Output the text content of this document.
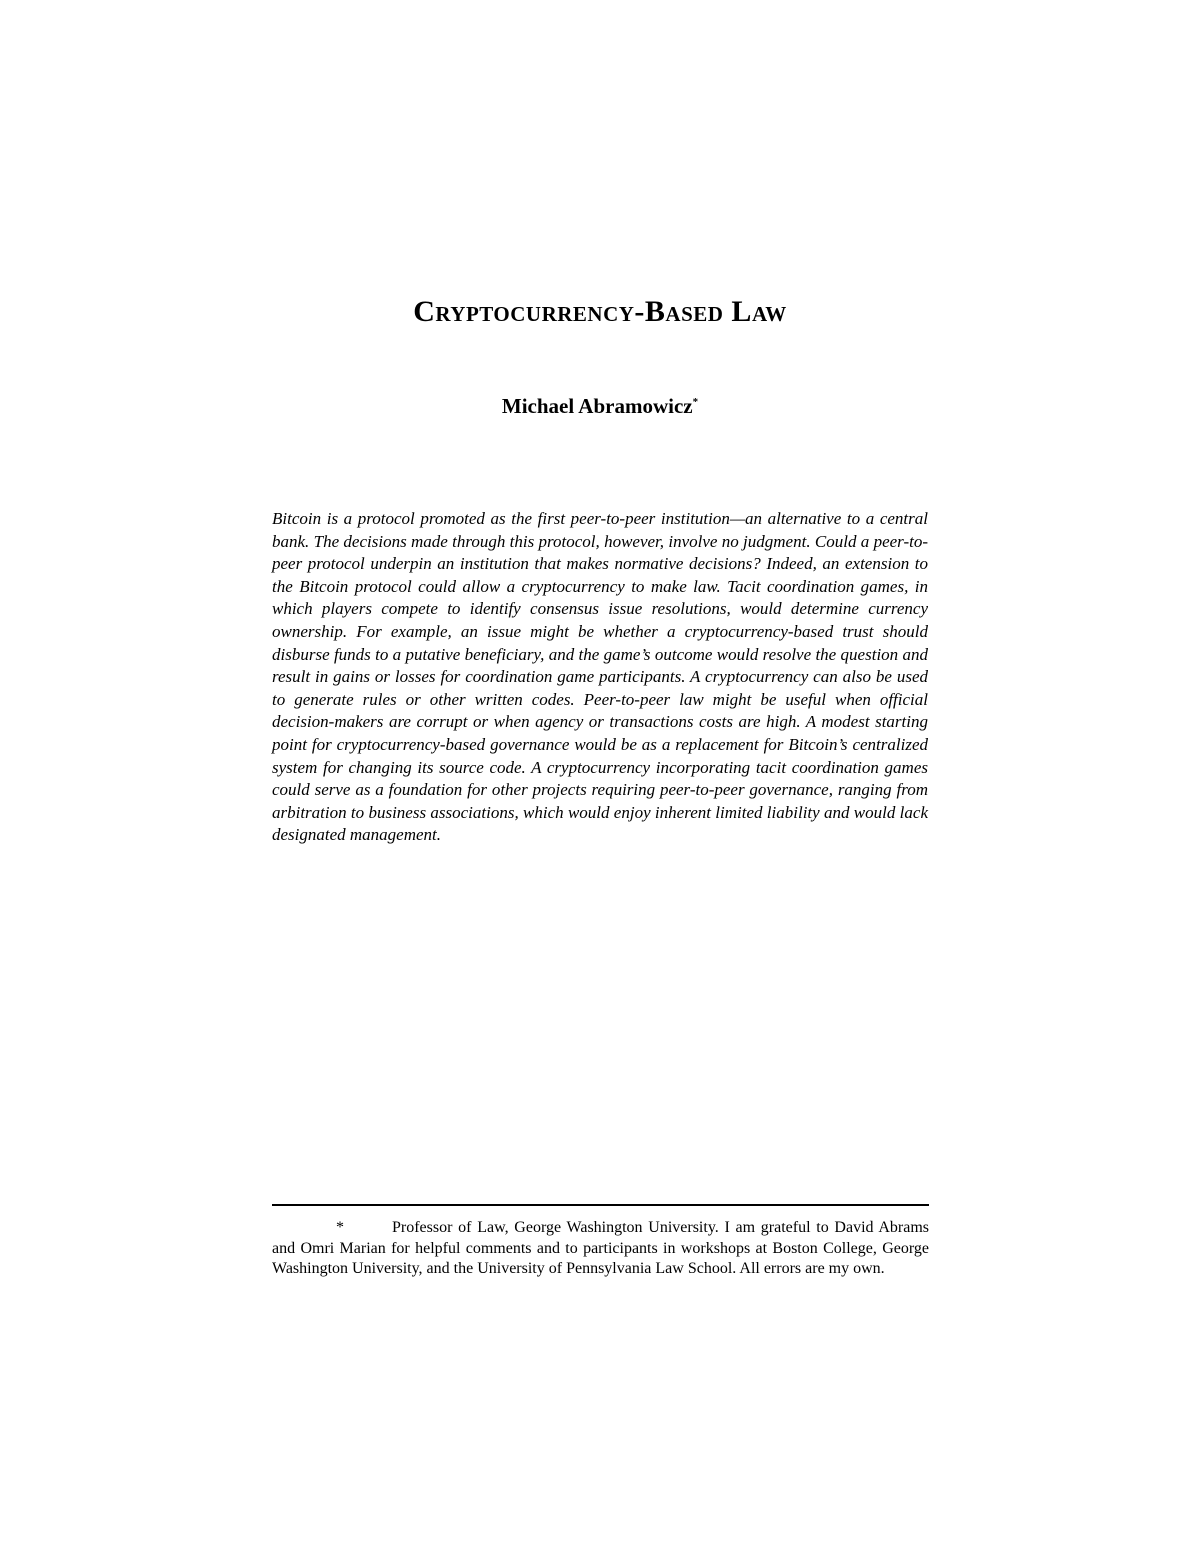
Cryptocurrency-Based Law
Michael Abramowicz*
Bitcoin is a protocol promoted as the first peer-to-peer institution—an alternative to a central bank. The decisions made through this protocol, however, involve no judgment. Could a peer-to-peer protocol underpin an institution that makes normative decisions? Indeed, an extension to the Bitcoin protocol could allow a cryptocurrency to make law. Tacit coordination games, in which players compete to identify consensus issue resolutions, would determine currency ownership. For example, an issue might be whether a cryptocurrency-based trust should disburse funds to a putative beneficiary, and the game’s outcome would resolve the question and result in gains or losses for coordination game participants. A cryptocurrency can also be used to generate rules or other written codes. Peer-to-peer law might be useful when official decision-makers are corrupt or when agency or transactions costs are high. A modest starting point for cryptocurrency-based governance would be as a replacement for Bitcoin’s centralized system for changing its source code. A cryptocurrency incorporating tacit coordination games could serve as a foundation for other projects requiring peer-to-peer governance, ranging from arbitration to business associations, which would enjoy inherent limited liability and would lack designated management.
*	Professor of Law, George Washington University. I am grateful to David Abrams and Omri Marian for helpful comments and to participants in workshops at Boston College, George Washington University, and the University of Pennsylvania Law School. All errors are my own.
